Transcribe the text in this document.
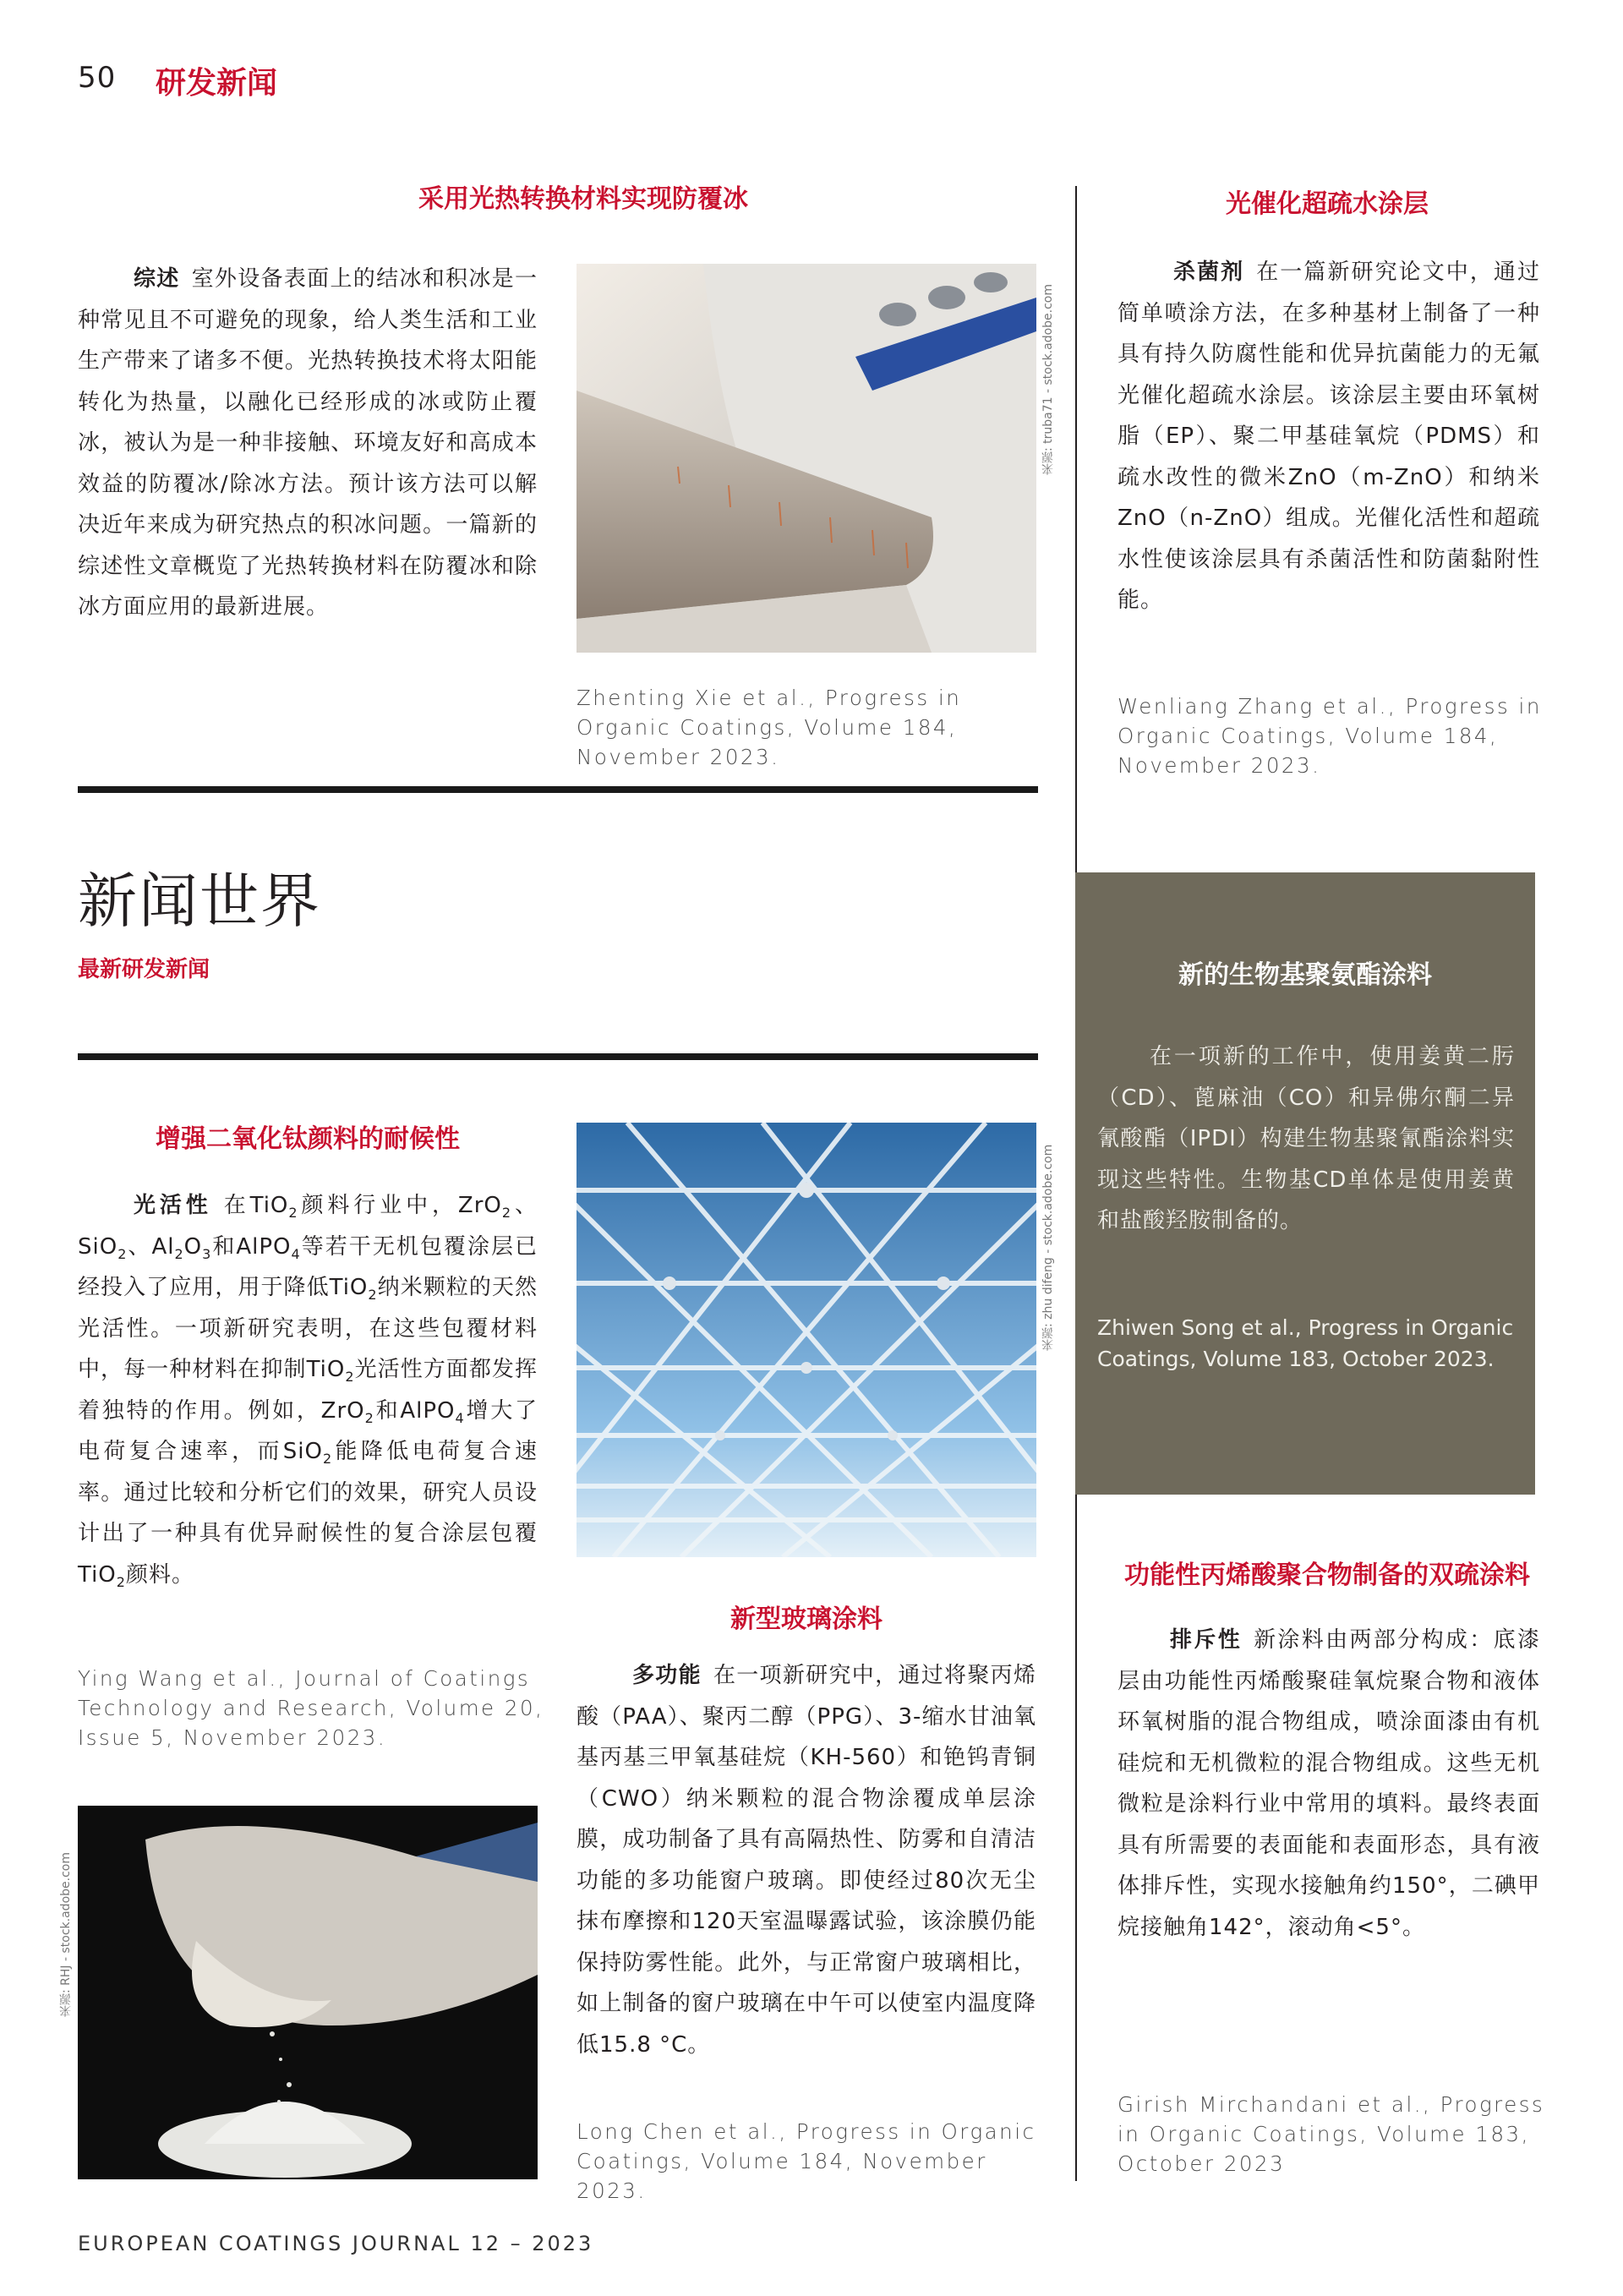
50 研发新闻
采用光热转换材料实现防覆冰
综述 室外设备表面上的结冰和积冰是一种常见且不可避免的现象，给人类生活和工业生产带来了诸多不便。光热转换技术将太阳能转化为热量，以融化已经形成的冰或防止覆冰，被认为是一种非接触、环境友好和高成本效益的防覆冰/除冰方法。预计该方法可以解决近年来成为研究热点的积冰问题。一篇新的综述性文章概览了光热转换材料在防覆冰和除冰方面应用的最新进展。
来源: truba71 - stock.adobe.com
Zhenting Xie et al., Progress in Organic Coatings, Volume 184, November 2023.
光催化超疏水涂层
杀菌剂 在一篇新研究论文中，通过简单喷涂方法，在多种基材上制备了一种具有持久防腐性能和优异抗菌能力的无氟光催化超疏水涂层。该涂层主要由环氧树脂（EP）、聚二甲基硅氧烷（PDMS）和疏水改性的微米ZnO（m-ZnO）和纳米ZnO（n-ZnO）组成。光催化活性和超疏水性使该涂层具有杀菌活性和防菌黏附性能。
Wenliang Zhang et al., Progress in Organic Coatings, Volume 184, November 2023.
新闻世界
最新研发新闻	新的生物基聚氨酯涂料
在一项新的工作中，使用姜黄二肟（CD）、蓖麻油（CO）和异佛尔酮二异氰酸酯（IPDI）构建生物基聚氰酯涂料实现这些特性。生物基CD单体是使用姜黄和盐酸羟胺制备的。
Zhiwen Song et al., Progress in Organic Coatings, Volume 183, October 2023.
增强二氧化钛颜料的耐候性
光活性 在TiO$_2$颜料行业中，ZrO$_2$、SiO$_2$、$Al_2O_3$和AlPO$_4$等若干无机包覆涂层已经投入了应用，用于降低TiO$_2$纳米颗粒的天然光活性。一项新研究表明，在这些包覆材料中，每一种材料在抑制TiO$_2$光活性方面都发挥着独特的作用。例如，ZrO$_2$和AlPO$_4$增大了电荷复合速率，而SiO$_2$能降低电荷复合速率。通过比较和分析它们的效果，研究人员设计出了一种具有优异耐候性的复合涂层包覆TiO$_2$颜料。
Ying Wang et al., Journal of Coatings Technology and Research, Volume 20, Issue 5, November 2023.
来源: zhu difeng - stock.adobe.com
来源: RHJ - stock.adobe.com
新型玻璃涂料
多功能 在一项新研究中，通过将聚丙烯酸（PAA）、聚丙二醇（PPG）、3-缩水甘油氧基丙基三甲氧基硅烷（KH-560）和铯钨青铜（CWO）纳米颗粒的混合物涂覆成单层涂膜，成功制备了具有高隔热性、防雾和自清洁功能的多功能窗户玻璃。即使经过80次无尘抹布摩擦和120天室温曝露试验，该涂膜仍能保持防雾性能。此外，与正常窗户玻璃相比，如上制备的窗户玻璃在中午可以使室内温度降低15.8 °C。
Long Chen et al., Progress in Organic Coatings, Volume 184, November 2023.
功能性丙烯酸聚合物制备的双疏涂料
排斥性 新涂料由两部分构成：底漆层由功能性丙烯酸聚硅氧烷聚合物和液体环氧树脂的混合物组成，喷涂面漆由有机硅烷和无机微粒的混合物组成。这些无机微粒是涂料行业中常用的填料。最终表面具有所需要的表面能和表面形态，具有液体排斥性，实现水接触角约150°，二碘甲烷接触角142°，滚动角<5°。
Girish Mirchandani et al., Progress in Organic Coatings, Volume 183, October 2023
EUROPEAN COATINGS JOURNAL 12 – 2023
